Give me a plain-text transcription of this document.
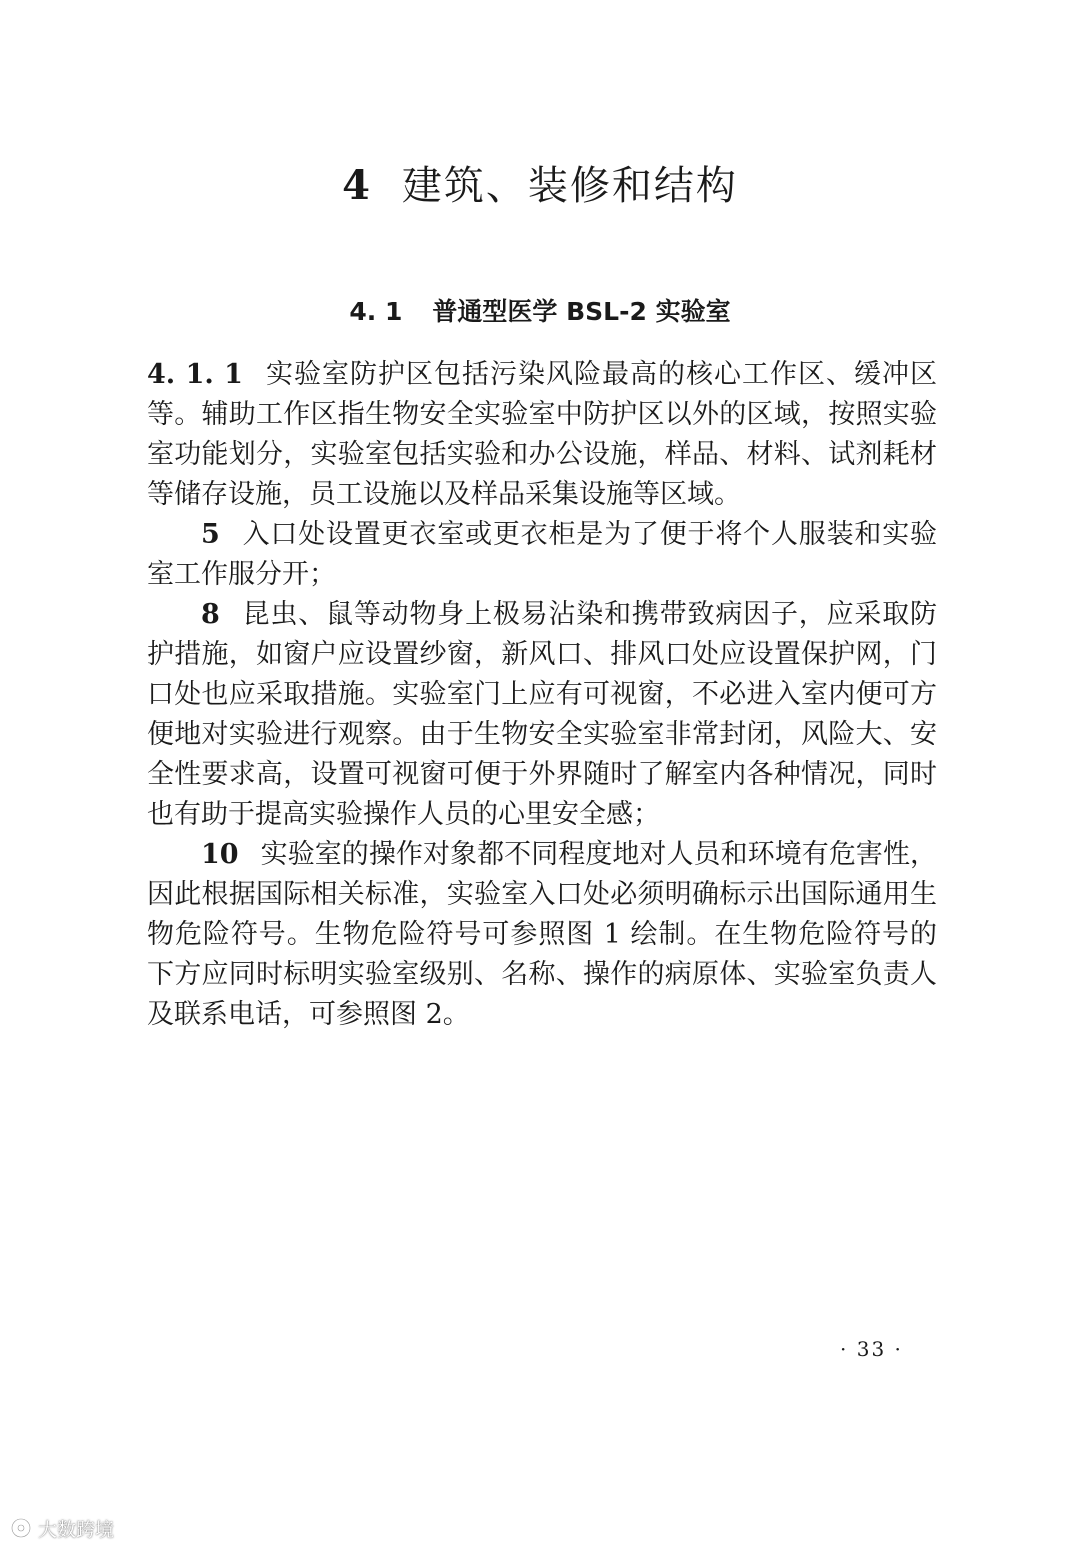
4 建筑、装修和结构
4. 1 普通型医学 BSL-2 实验室

4. 1. 1 实验室防护区包括污染风险最高的核心工作区、缓冲区等。辅助工作区指生物安全实验室中防护区以外的区域，按照实验室功能划分，实验室包括实验和办公设施，样品、材料、试剂耗材等储存设施，员工设施以及样品采集设施等区域。

5 入口处设置更衣室或更衣柜是为了便于将个人服装和实验室工作服分开；

8 昆虫、鼠等动物身上极易沾染和携带致病因子，应采取防护措施，如窗户应设置纱窗，新风口、排风口处应设置保护网，门口处也应采取措施。实验室门上应有可视窗，不必进入室内便可方便地对实验进行观察。由于生物安全实验室非常封闭，风险大、安全性要求高，设置可视窗可便于外界随时了解室内各种情况，同时也有助于提高实验操作人员的心里安全感；

10 实验室的操作对象都不同程度地对人员和环境有危害性，因此根据国际相关标准，实验室入口处必须明确标示出国际通用生物危险符号。生物危险符号可参照图 1 绘制。在生物危险符号的下方应同时标明实验室级别、名称、操作的病原体、实验室负责人及联系电话，可参照图 2。

· 33 ·
大数跨境
